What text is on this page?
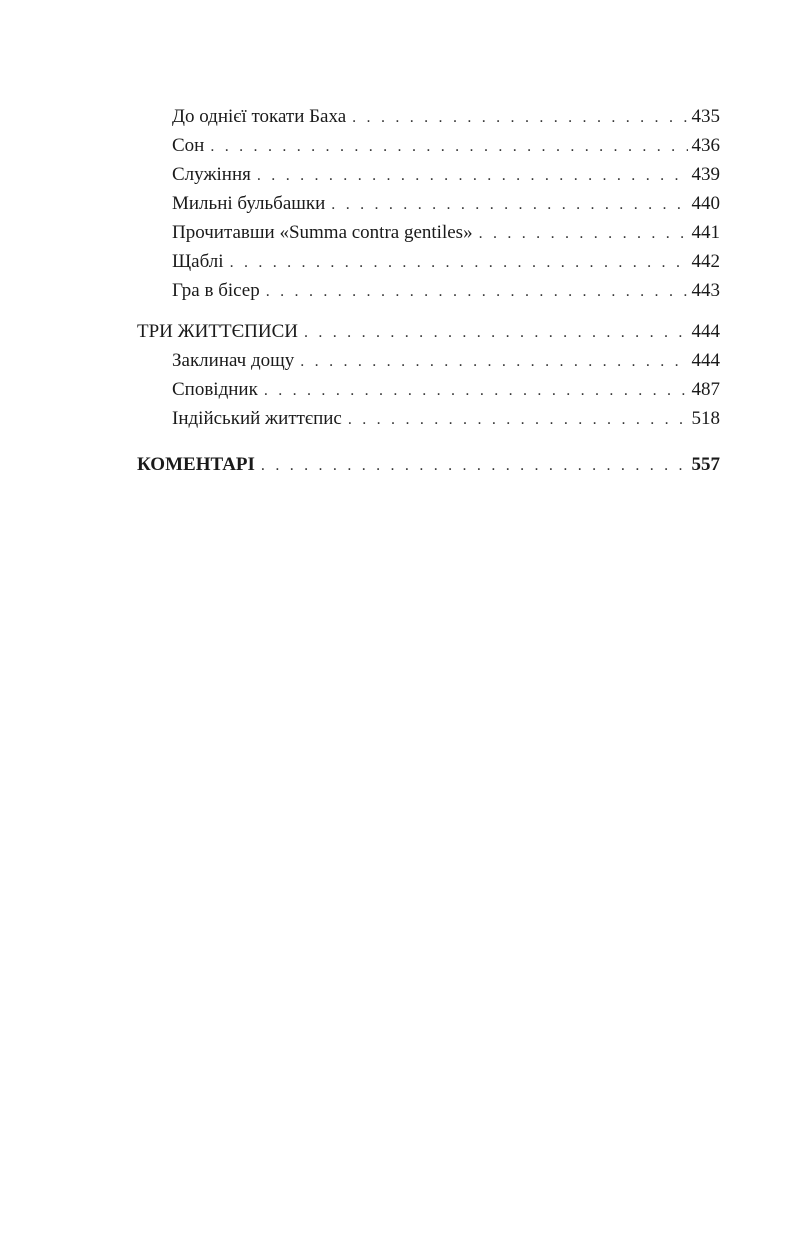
До однієї токати Баха . . .	435
Сон . . .	436
Служіння . . .	439
Мильні бульбашки . . .	440
Прочитавши «Summa contra gentiles» . . .	441
Щаблі . . .	442
Гра в бісер . . .	443
ТРИ ЖИТТЄПИСИ . . .	444
Заклинач дощу . . .	444
Сповідник . . .	487
Індійський життєпис . . .	518
КОМЕНТАРІ . . .	557
